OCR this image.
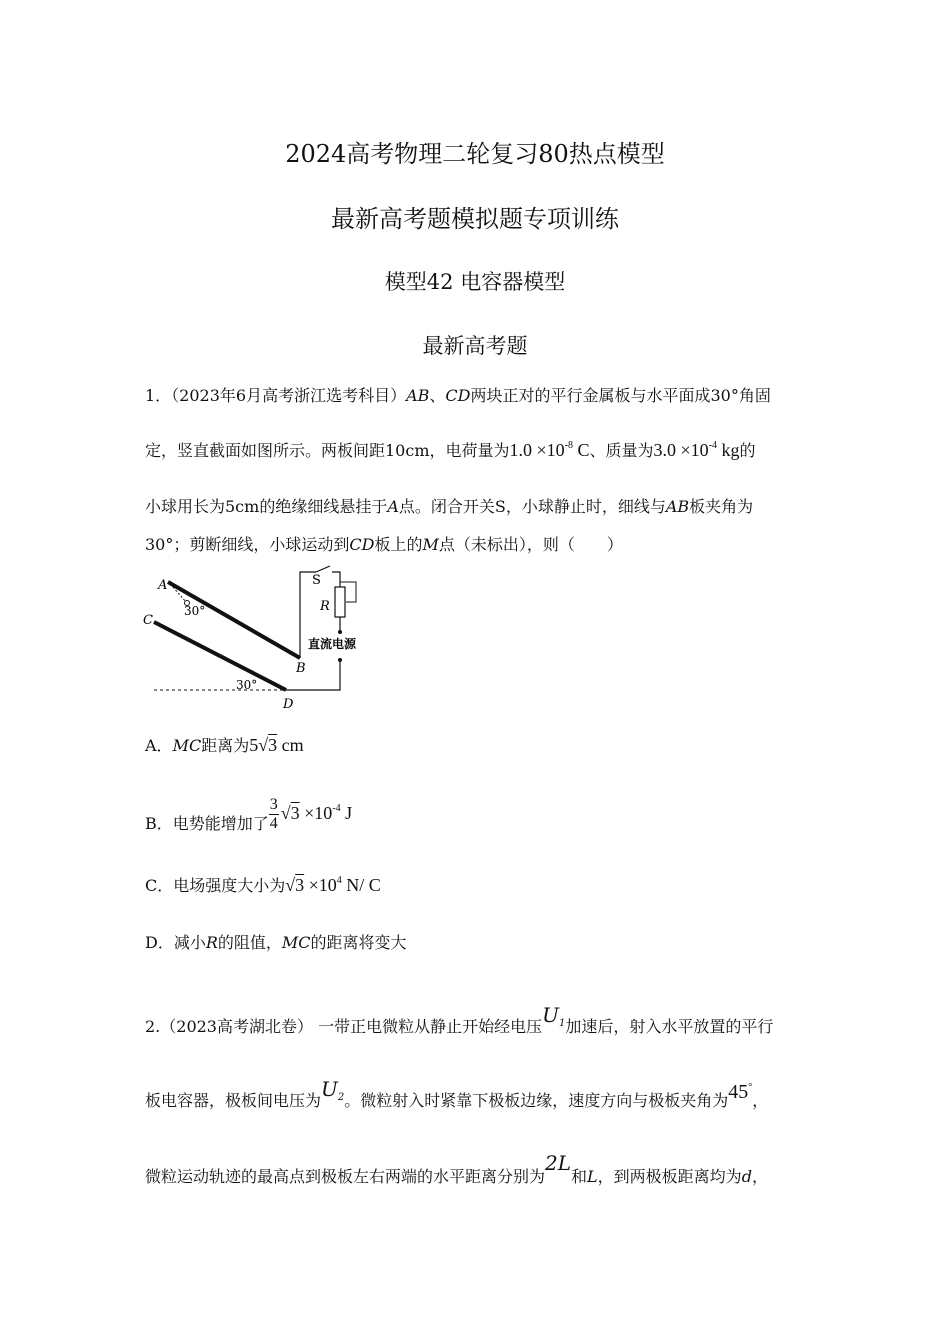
2024高考物理二轮复习80热点模型
最新高考题模拟题专项训练
模型42 电容器模型
最新高考题
1．（2023年6月高考浙江选考科目）AB、CD两块正对的平行金属板与水平面成30°角固
定，竖直截面如图所示。两板间距10cm，电荷量为$1.0 \times 10^{-8}$ C、质量为$3.0 \times 10^{-4}$ kg的
小球用长为5cm的绝缘细线悬挂于A点。闭合开关S，小球静止时，细线与AB板夹角为
30°；剪断细线，小球运动到CD板上的M点（未标出），则（　　）
A
C
B
D
S
R
30°
30°
直流电源
A．MC距离为5√3 cm
B．电势能增加了 $\frac{3}{4} √3 \times 10^{-4}$ J
C．电场强度大小为$√3 \times 10^4$ N/ C
D．减小R的阻值，MC的距离将变大
2.（2023高考湖北卷） 一带正电微粒从静止开始经电压$U_1$加速后，射入水平放置的平行
板电容器，极板间电压为$U_2$。微粒射入时紧靠下极板边缘，速度方向与极板夹角为45°，
微粒运动轨迹的最高点到极板左右两端的水平距离分别为2L和L，到两极板距离均为d，
